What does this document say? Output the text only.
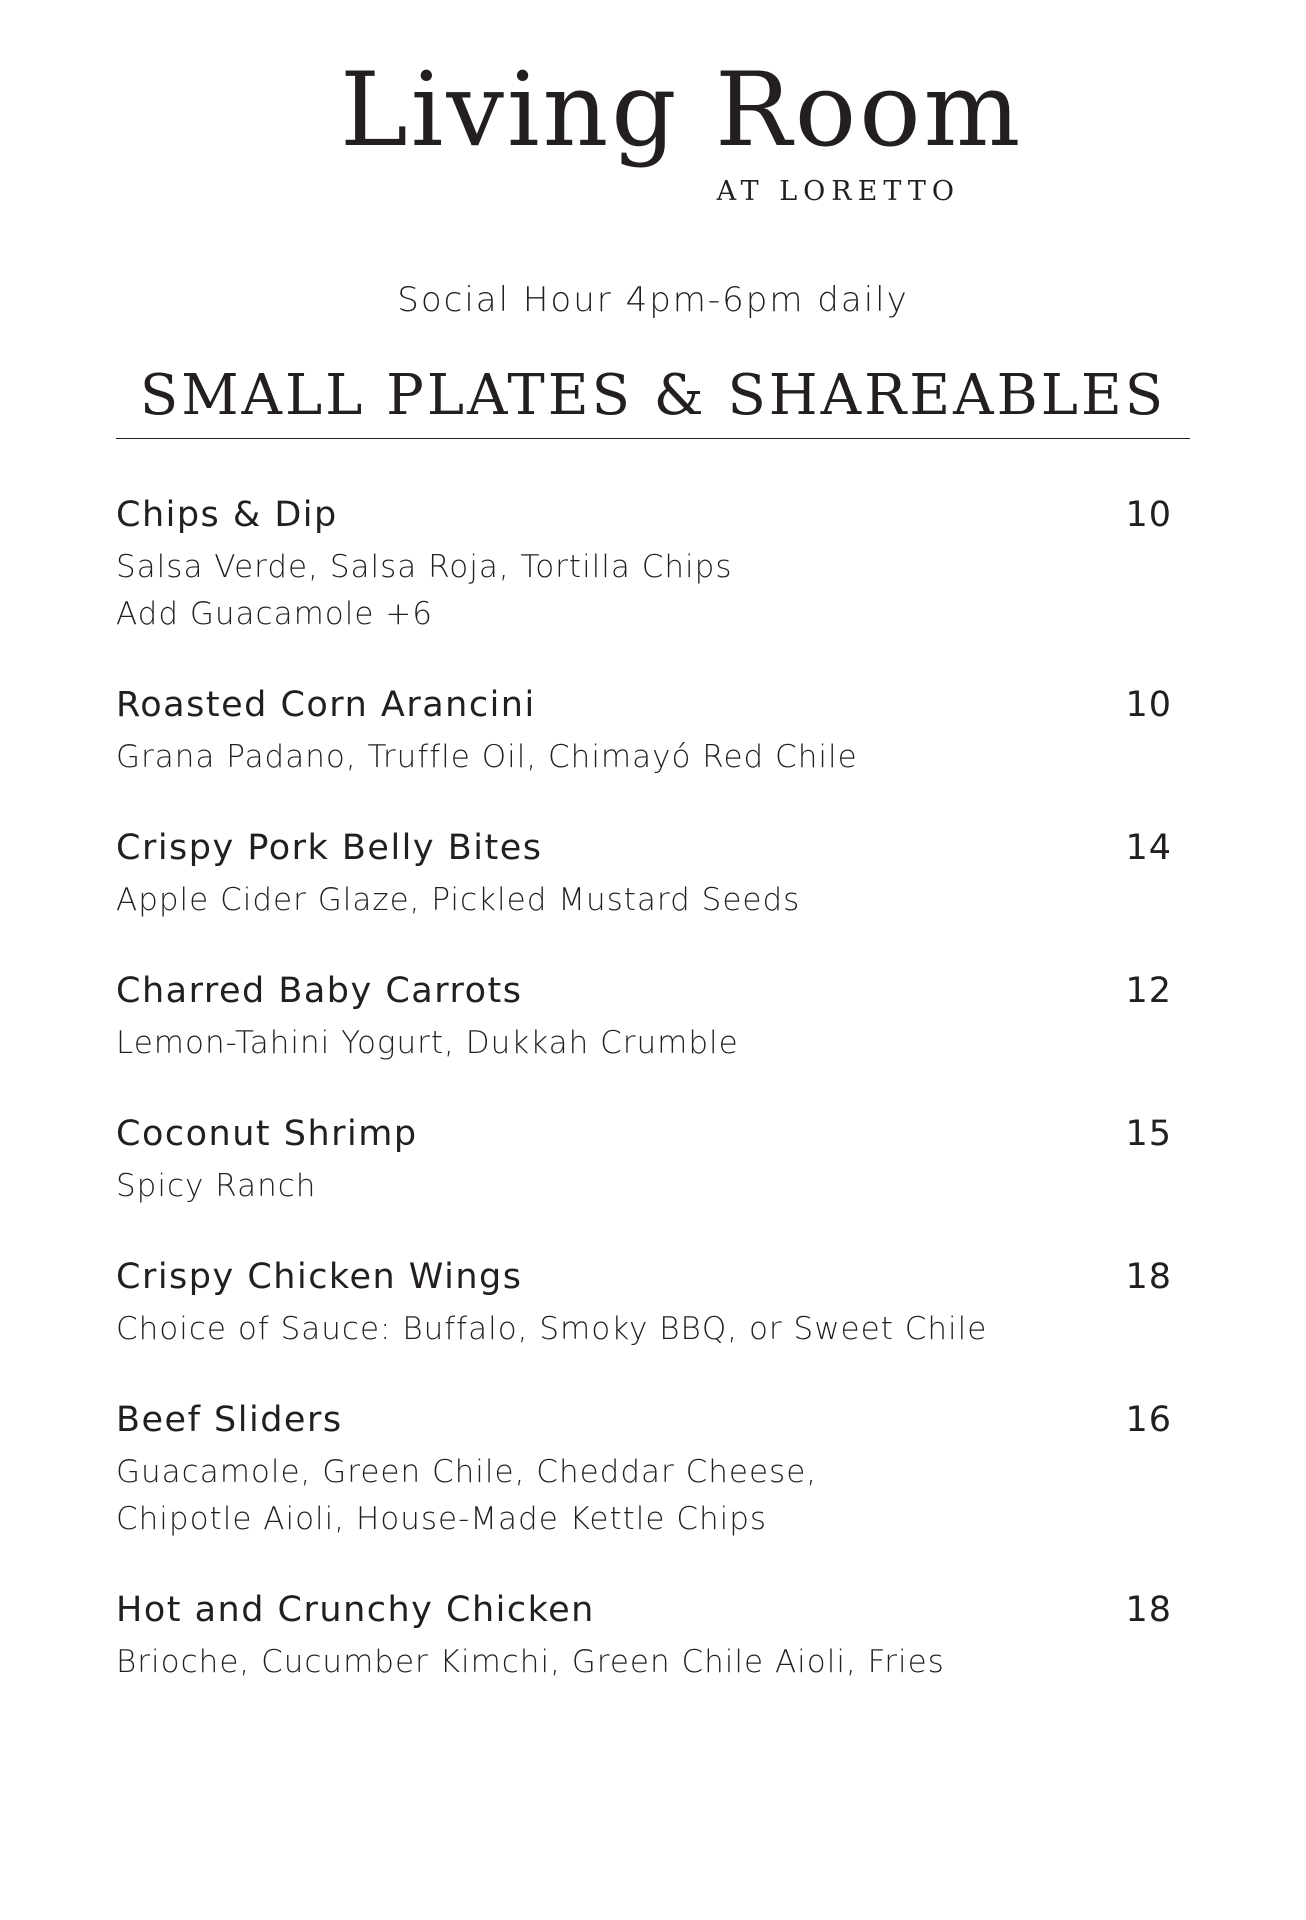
Living Room
AT LORETTO
Social Hour 4pm-6pm daily
SMALL PLATES & SHAREABLES
Chips & Dip	10
Salsa Verde, Salsa Roja, Tortilla Chips
Add Guacamole +6
Roasted Corn Arancini	10
Grana Padano, Truffle Oil, Chimayó Red Chile
Crispy Pork Belly Bites	14
Apple Cider Glaze, Pickled Mustard Seeds
Charred Baby Carrots	12
Lemon-Tahini Yogurt, Dukkah Crumble
Coconut Shrimp	15
Spicy Ranch
Crispy Chicken Wings	18
Choice of Sauce: Buffalo, Smoky BBQ, or Sweet Chile
Beef Sliders	16
Guacamole, Green Chile, Cheddar Cheese,
Chipotle Aioli, House-Made Kettle Chips
Hot and Crunchy Chicken	18
Brioche, Cucumber Kimchi, Green Chile Aioli, Fries
